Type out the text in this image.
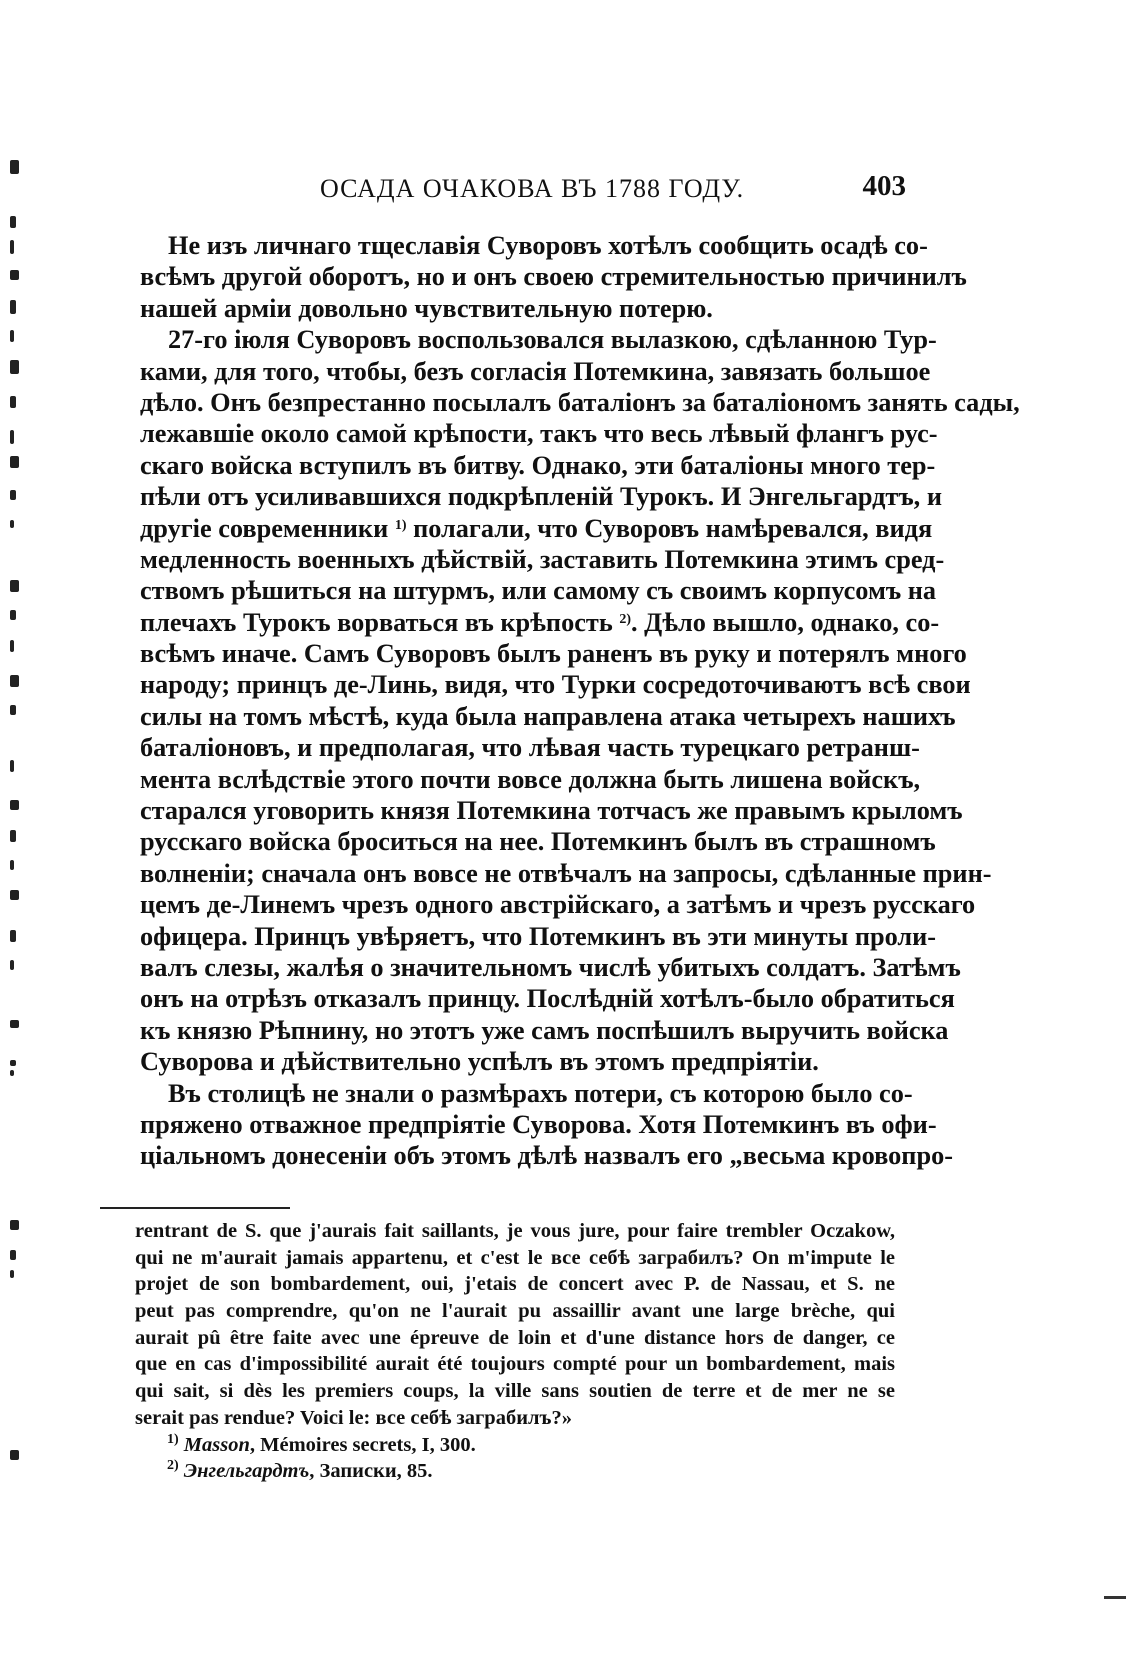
ОСАДА ОЧАКОВА ВЪ 1788 ГОДУ.	403
Не изъ личнаго тщеславія Суворовъ хотѣлъ сообщить осадѣ со-
всѣмъ другой оборотъ, но и онъ своею стремительностью причинилъ
нашей арміи довольно чувствительную потерю.
27-го іюля Суворовъ воспользовался вылазкою, сдѣланною Тур-
ками, для того, чтобы, безъ согласія Потемкина, завязать большое
дѣло. Онъ безпрестанно посылалъ баталіонъ за баталіономъ занять сады,
лежавшіе около самой крѣпости, такъ что весь лѣвый флангъ рус-
скаго войска вступилъ въ битву. Однако, эти баталіоны много тер-
пѣли отъ усиливавшихся подкрѣпленій Турокъ. И Энгельгардтъ, и
другіе современники $^{1)}$ полагали, что Суворовъ намѣревался, видя
медленность военныхъ дѣйствій, заставить Потемкина этимъ сред-
ствомъ рѣшиться на штурмъ, или самому съ своимъ корпусомъ на
плечахъ Турокъ ворваться въ крѣпость $^{2)}$. Дѣло вышло, однако, со-
всѣмъ иначе. Самъ Суворовъ былъ раненъ въ руку и потерялъ много
народу; принцъ де-Линь, видя, что Турки сосредоточиваютъ всѣ свои
силы на томъ мѣстѣ, куда была направлена атака четырехъ нашихъ
баталіоновъ, и предполагая, что лѣвая часть турецкаго ретранш-
мента вслѣдствіе этого почти вовсе должна быть лишена войскъ,
старался уговорить князя Потемкина тотчасъ же правымъ крыломъ
русскаго войска броситься на нее. Потемкинъ былъ въ страшномъ
волненіи; сначала онъ вовсе не отвѣчалъ на запросы, сдѣланные прин-
цемъ де-Линемъ чрезъ одного австрійскаго, а затѣмъ и чрезъ русскаго
офицера. Принцъ увѣряетъ, что Потемкинъ въ эти минуты проли-
валъ слезы, жалѣя о значительномъ числѣ убитыхъ солдатъ. Затѣмъ
онъ на отрѣзъ отказалъ принцу. Послѣдній хотѣлъ-было обратиться
къ князю Рѣпнину, но этотъ уже самъ поспѣшилъ выручить войска
Суворова и дѣйствительно успѣлъ въ этомъ предпріятіи.
Въ столицѣ не знали о размѣрахъ потери, съ которою было со-
пряжено отважное предпріятіе Суворова. Хотя Потемкинъ въ офи-
ціальномъ донесеніи объ этомъ дѣлѣ назвалъ его „весьма кровопро-
rentrant de S. que j'aurais fait saillants, je vous jure, pour faire trembler Oczakow,
qui ne m'aurait jamais appartenu, et c'est le все себѣ заграбилъ? On m'impute le
projet de son bombardement, oui, j'etais de concert avec P. de Nassau, et S. ne
peut pas comprendre, qu'on ne l'aurait pu assaillir avant une large brèche, qui
aurait pû être faite avec une épreuve de loin et d'une distance hors de danger, ce
que en cas d'impossibilité aurait été toujours compté pour un bombardement, mais
qui sait, si dès les premiers coups, la ville sans soutien de terre et de mer ne se
serait pas rendue? Voici le: все себѣ заграбилъ?»
$^{1)}$ Masson, Mémoires secrets, I, 300.
$^{2)}$ Энгельгардтъ, Записки, 85.
